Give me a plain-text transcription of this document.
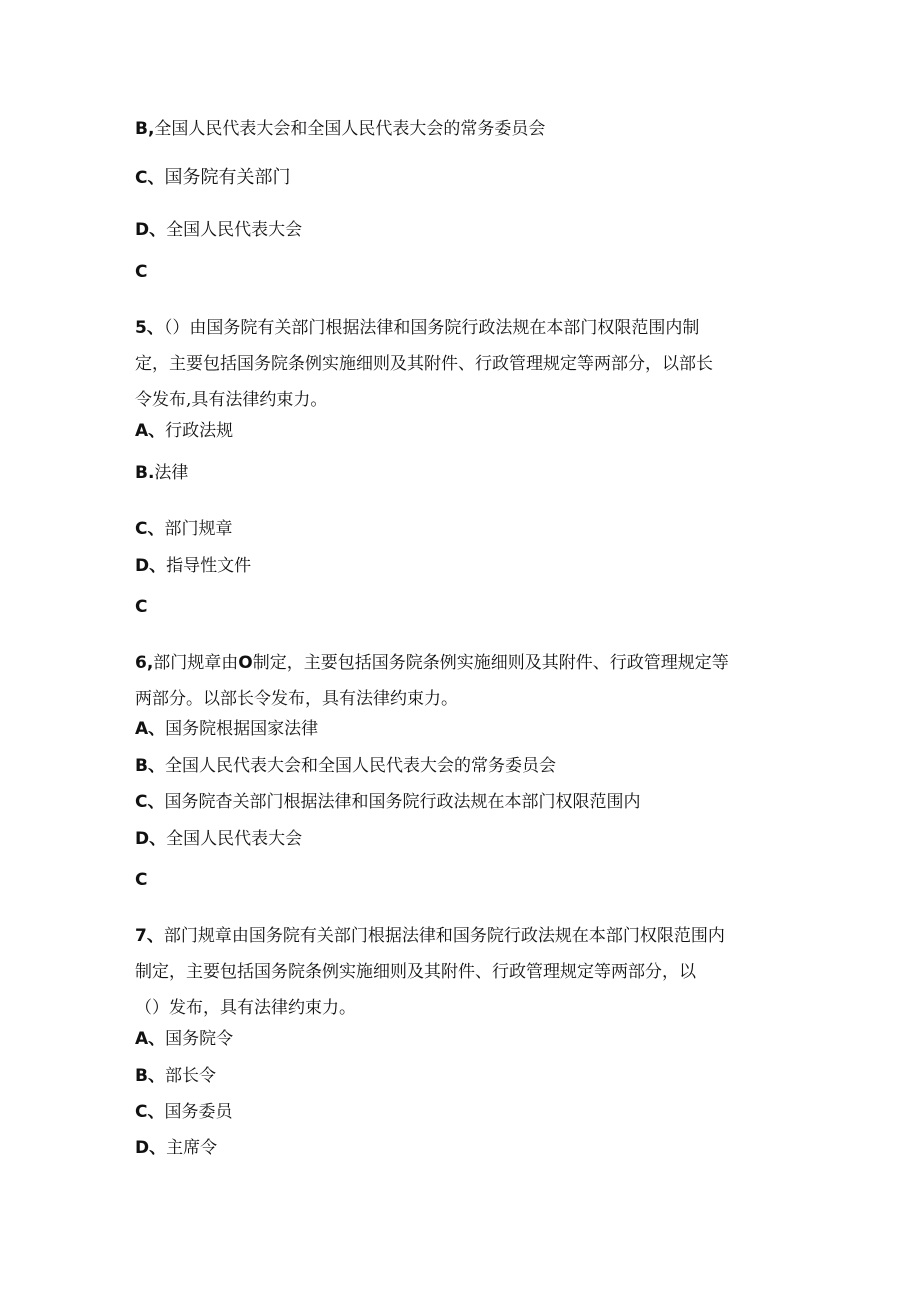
B,全国人民代表大会和全国人民代表大会的常务委员会
C、国务院有关部门
D、全国人民代表大会
C
5、（）由国务院有关部门根据法律和国务院行政法规在本部门权限范围内制
定，主要包括国务院条例实施细则及其附件、行政管理规定等两部分，以部长
令发布,具有法律约束力。
A、行政法规
B.法律
C、部门规章
D、指导性文件
C
6,部门规章由O制定，主要包括国务院条例实施细则及其附件、行政管理规定等
两部分。以部长令发布，具有法律约束力。
A、国务院根据国家法律
B、全国人民代表大会和全国人民代表大会的常务委员会
C、国务院杳关部门根据法律和国务院行政法规在本部门权限范围内
D、全国人民代表大会
C
7、部门规章由国务院有关部门根据法律和国务院行政法规在本部门权限范围内
制定，主要包括国务院条例实施细则及其附件、行政管理规定等两部分，以
（）发布，具有法律约束力。
A、国务院令
B、部长令
C、国务委员
D、主席令
